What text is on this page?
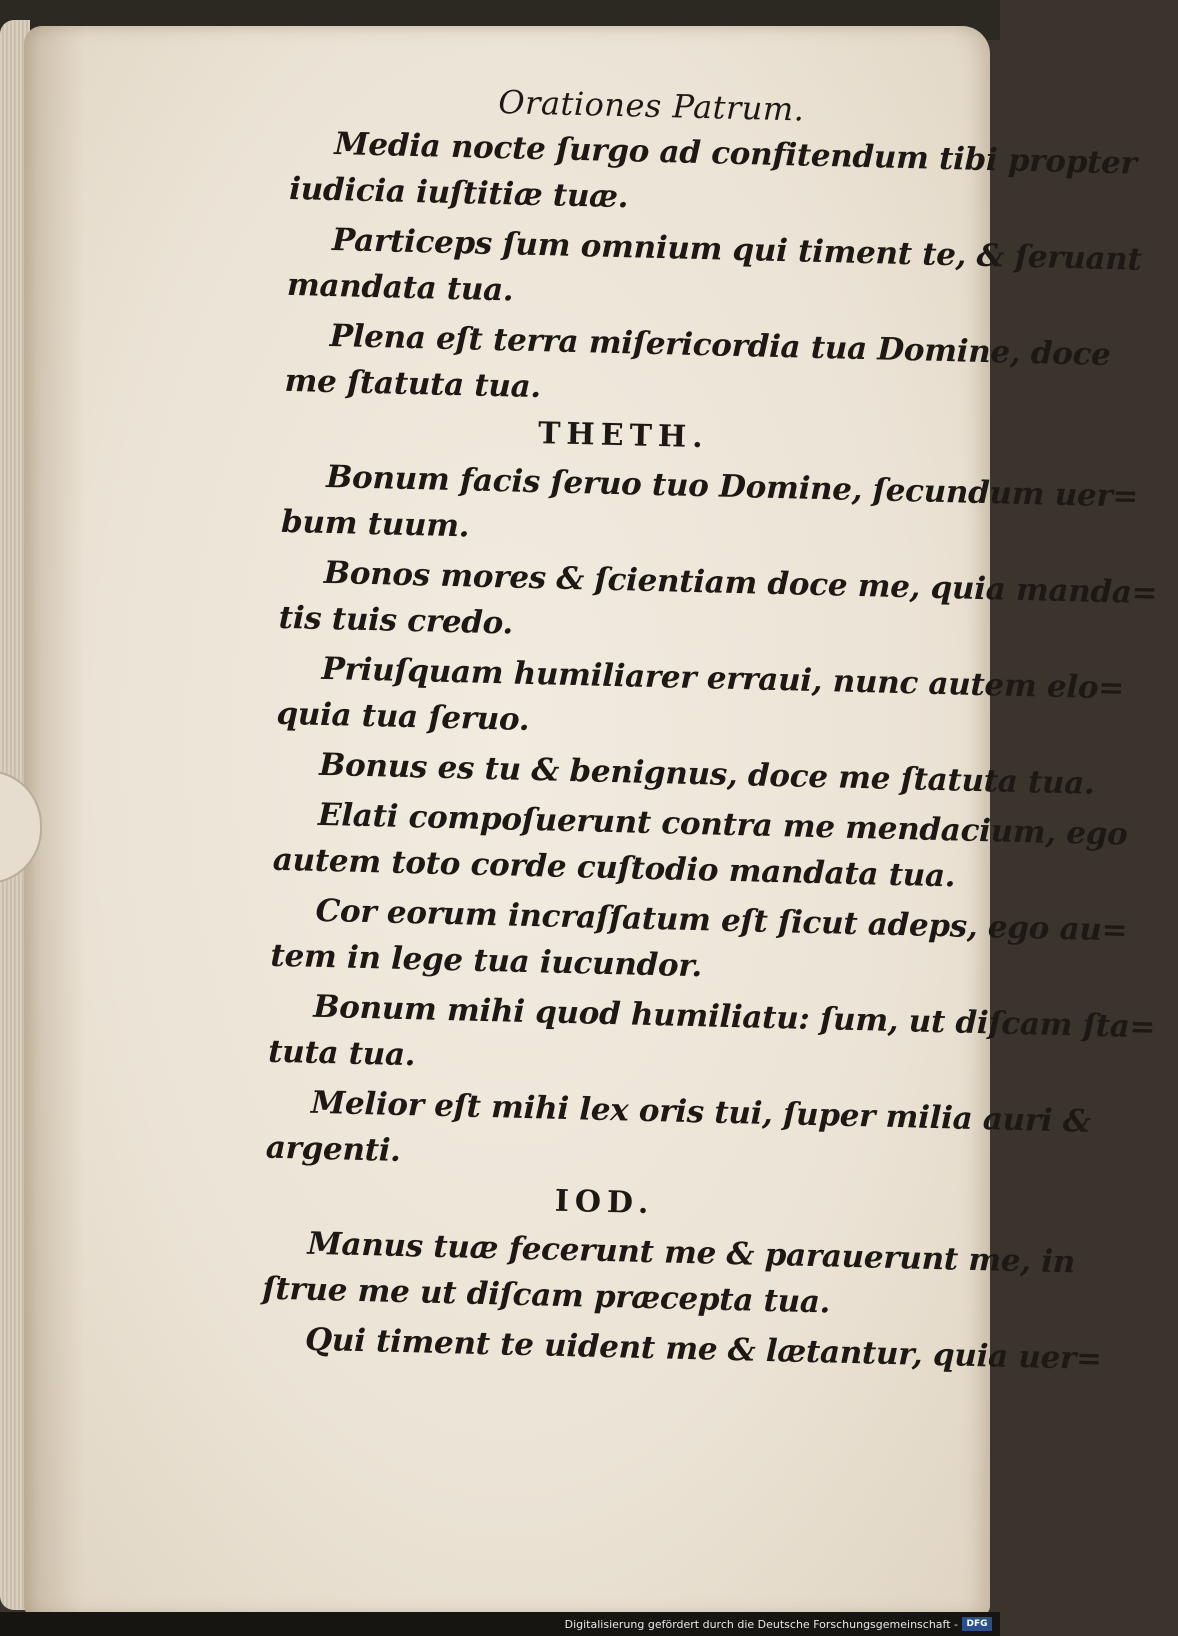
Orationes Patrum.
Media nocte ſurgo ad confitendum tibi propter
iudicia iuſtitiæ tuæ.
Particeps ſum omnium qui timent te, & ſeruant
mandata tua.
Plena eſt terra miſericordia tua Domine, doce
me ſtatuta tua.
THETH.
Bonum facis ſeruo tuo Domine, ſecundum uer=
bum tuum.
Bonos mores & ſcientiam doce me, quia manda=
tis tuis credo.
Priuſquam humiliarer erraui, nunc autem elo=
quia tua ſeruo.
Bonus es tu & benignus, doce me ſtatuta tua.
Elati compoſuerunt contra me mendacium, ego
autem toto corde cuſtodio mandata tua.
Cor eorum incraſſatum eſt ſicut adeps, ego au=
tem in lege tua iucundor.
Bonum mihi quod humiliatu: ſum, ut diſcam ſta=
tuta tua.
Melior eſt mihi lex oris tui, ſuper milia auri &
argenti.
IOD.
Manus tuæ fecerunt me & parauerunt me, in
ſtrue me ut diſcam præcepta tua.
Qui timent te uident me & lætantur, quia uer=
Digitalisierung gefördert durch die Deutsche Forschungsgemeinschaft - DFG
